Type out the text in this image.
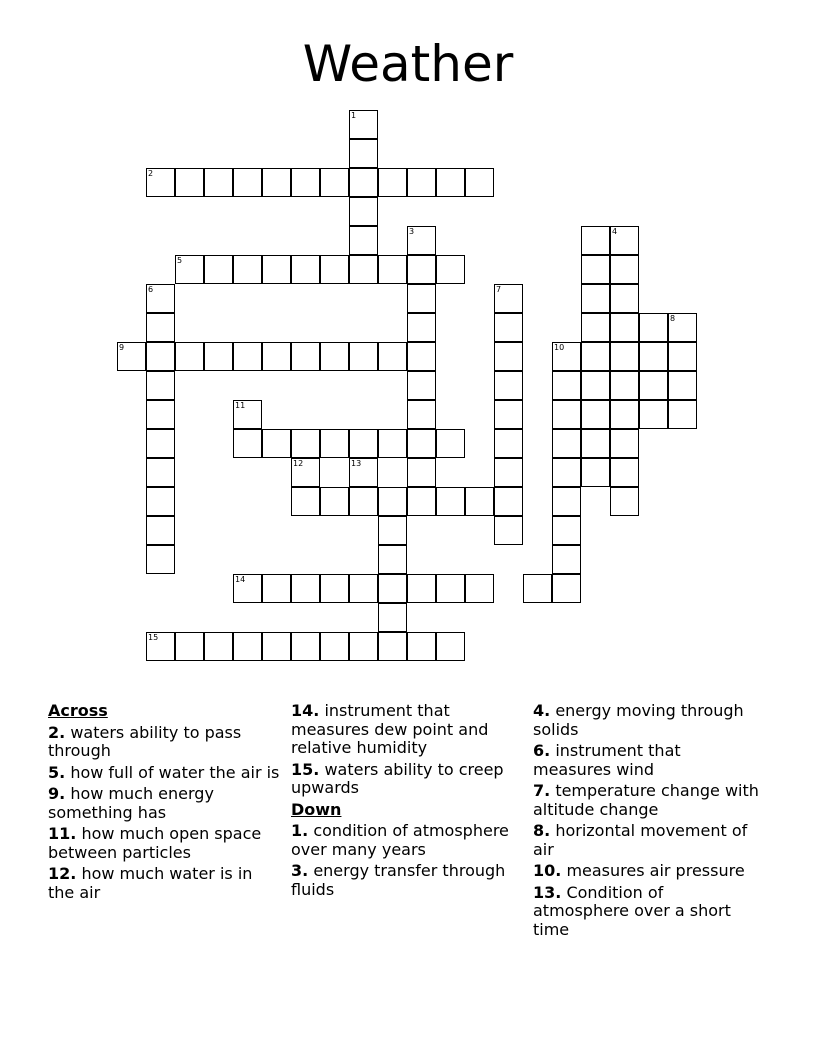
Weather
1
3
2
5
6
9
7
10
14
15
4
8
11
12	13
Across
2. waters ability to pass through
5. how full of water the air is
9. how much energy something has
11. how much open space between particles
12. how much water is in the air
14. instrument that measures dew point and relative humidity
15. waters ability to creep upwards
Down
1. condition of atmosphere over many years
3. energy transfer through fluids
4. energy moving through solids
6. instrument that measures wind
7. temperature change with altitude change
8. horizontal movement of air
10. measures air pressure
13. Condition of atmosphere over a short time
